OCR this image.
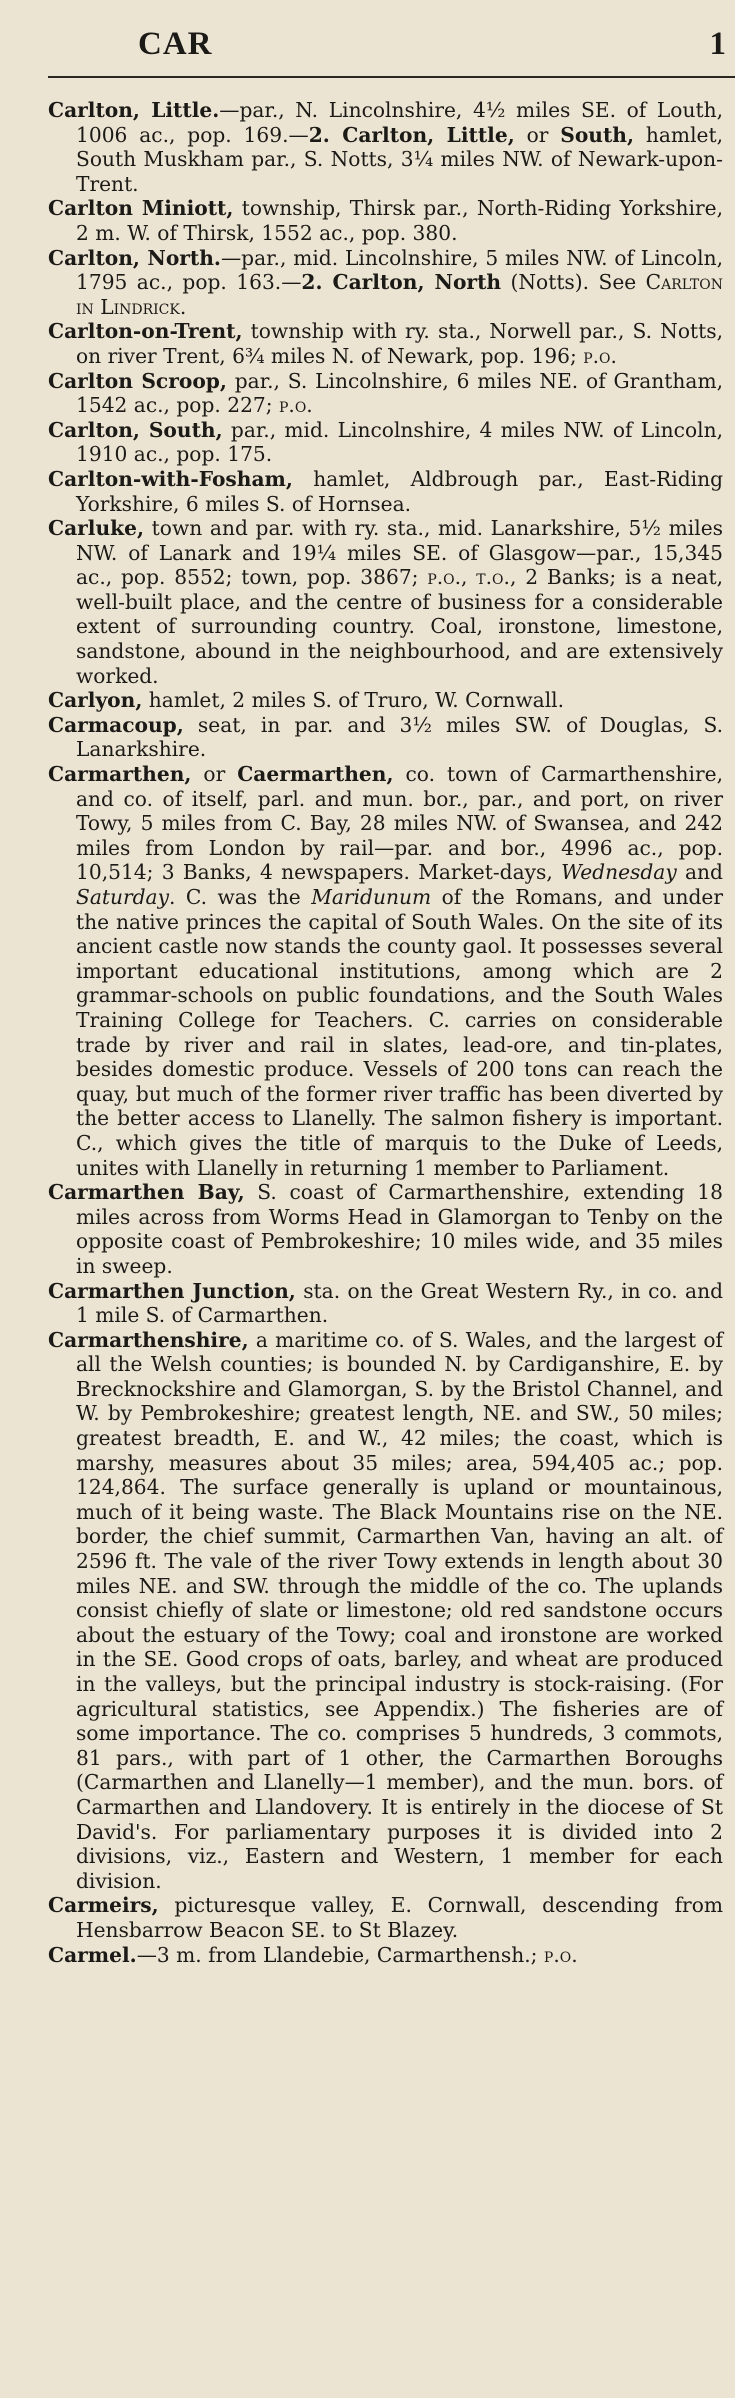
CAR	1

Carlton, Little.—par., N. Lincolnshire, 4½ miles SE. of Louth, 1006 ac., pop. 169.—2. Carlton, Little, or South, hamlet, South Muskham par., S. Notts, 3¼ miles NW. of Newark-upon-Trent.

Carlton Miniott, township, Thirsk par., North-Riding Yorkshire, 2 m. W. of Thirsk, 1552 ac., pop. 380.

Carlton, North.—par., mid. Lincolnshire, 5 miles NW. of Lincoln, 1795 ac., pop. 163.—2. Carlton, North (Notts). See Carlton in Lindrick.

Carlton-on-Trent, township with ry. sta., Norwell par., S. Notts, on river Trent, 6¾ miles N. of Newark, pop. 196; p.o.

Carlton Scroop, par., S. Lincolnshire, 6 miles NE. of Grantham, 1542 ac., pop. 227; p.o.

Carlton, South, par., mid. Lincolnshire, 4 miles NW. of Lincoln, 1910 ac., pop. 175.

Carlton-with-Fosham, hamlet, Aldbrough par., East-Riding Yorkshire, 6 miles S. of Hornsea.

Carluke, town and par. with ry. sta., mid. Lanarkshire, 5½ miles NW. of Lanark and 19¼ miles SE. of Glasgow—par., 15,345 ac., pop. 8552; town, pop. 3867; p.o., t.o., 2 Banks; is a neat, well-built place, and the centre of business for a considerable extent of surrounding country. Coal, ironstone, limestone, sandstone, abound in the neighbourhood, and are extensively worked.

Carlyon, hamlet, 2 miles S. of Truro, W. Cornwall.

Carmacoup, seat, in par. and 3½ miles SW. of Douglas, S. Lanarkshire.

Carmarthen, or Caermarthen, co. town of Carmarthenshire, and co. of itself, parl. and mun. bor., par., and port, on river Towy, 5 miles from C. Bay, 28 miles NW. of Swansea, and 242 miles from London by rail—par. and bor., 4996 ac., pop. 10,514; 3 Banks, 4 newspapers. Market-days, Wednesday and Saturday. C. was the Maridunum of the Romans, and under the native princes the capital of South Wales. On the site of its ancient castle now stands the county gaol. It possesses several important educational institutions, among which are 2 grammar-schools on public foundations, and the South Wales Training College for Teachers. C. carries on considerable trade by river and rail in slates, lead-ore, and tin-plates, besides domestic produce. Vessels of 200 tons can reach the quay, but much of the former river traffic has been diverted by the better access to Llanelly. The salmon fishery is important. C., which gives the title of marquis to the Duke of Leeds, unites with Llanelly in returning 1 member to Parliament.

Carmarthen Bay, S. coast of Carmarthenshire, extending 18 miles across from Worms Head in Glamorgan to Tenby on the opposite coast of Pembrokeshire; 10 miles wide, and 35 miles in sweep.

Carmarthen Junction, sta. on the Great Western Ry., in co. and 1 mile S. of Carmarthen.

Carmarthenshire, a maritime co. of S. Wales, and the largest of all the Welsh counties; is bounded N. by Cardiganshire, E. by Brecknockshire and Glamorgan, S. by the Bristol Channel, and W. by Pembrokeshire; greatest length, NE. and SW., 50 miles; greatest breadth, E. and W., 42 miles; the coast, which is marshy, measures about 35 miles; area, 594,405 ac.; pop. 124,864. The surface generally is upland or mountainous, much of it being waste. The Black Mountains rise on the NE. border, the chief summit, Carmarthen Van, having an alt. of 2596 ft. The vale of the river Towy extends in length about 30 miles NE. and SW. through the middle of the co. The uplands consist chiefly of slate or limestone; old red sandstone occurs about the estuary of the Towy; coal and ironstone are worked in the SE. Good crops of oats, barley, and wheat are produced in the valleys, but the principal industry is stock-raising. (For agricultural statistics, see Appendix.) The fisheries are of some importance. The co. comprises 5 hundreds, 3 commots, 81 pars., with part of 1 other, the Carmarthen Boroughs (Carmarthen and Llanelly—1 member), and the mun. bors. of Carmarthen and Llandovery. It is entirely in the diocese of St David's. For parliamentary purposes it is divided into 2 divisions, viz., Eastern and Western, 1 member for each division.

Carmeirs, picturesque valley, E. Cornwall, descending from Hensbarrow Beacon SE. to St Blazey.

Carmel.—3 m. from Llandebie, Carmarthensh.; p.o.
